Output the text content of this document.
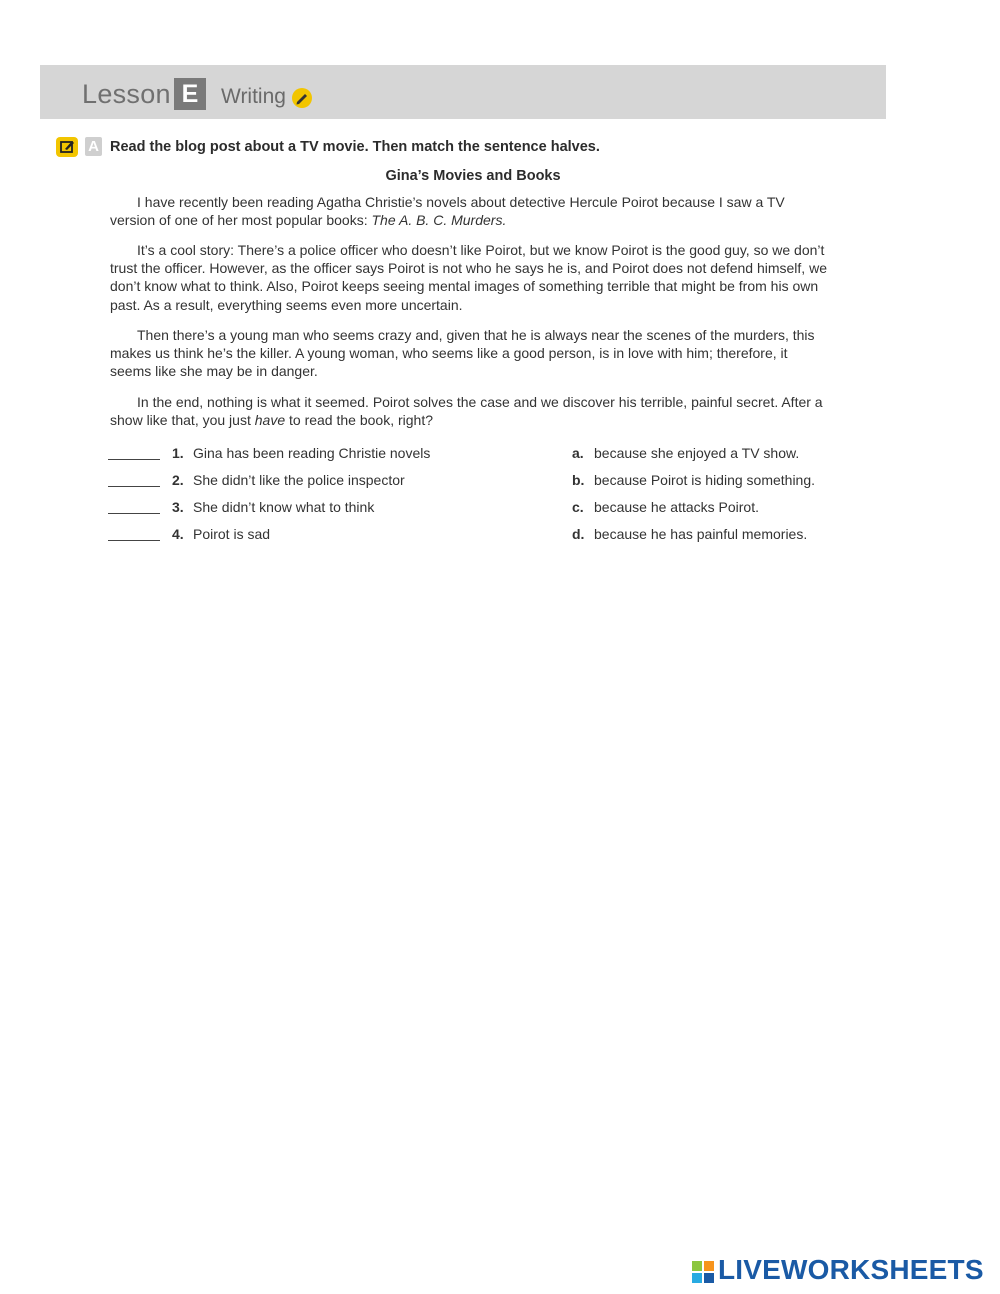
Lesson E	Writing
A Read the blog post about a TV movie. Then match the sentence halves.
Gina’s Movies and Books

I have recently been reading Agatha Christie’s novels about detective Hercule Poirot because I saw a TV version of one of her most popular books: The A. B. C. Murders.

It’s a cool story: There’s a police officer who doesn’t like Poirot, but we know Poirot is the good guy, so we don’t trust the officer. However, as the officer says Poirot is not who he says he is, and Poirot does not defend himself, we don’t know what to think. Also, Poirot keeps seeing mental images of something terrible that might be from his own past. As a result, everything seems even more uncertain.

Then there’s a young man who seems crazy and, given that he is always near the scenes of the murders, this makes us think he’s the killer. A young woman, who seems like a good person, is in love with him; therefore, it seems like she may be in danger.

In the end, nothing is what it seemed. Poirot solves the case and we discover his terrible, painful secret. After a show like that, you just have to read the book, right?

1. Gina has been reading Christie novels	a. because she enjoyed a TV show.
2. She didn’t like the police inspector	b. because Poirot is hiding something.
3. She didn’t know what to think	c. because he attacks Poirot.
4. Poirot is sad	d. because he has painful memories.
LIVEWORKSHEETS
